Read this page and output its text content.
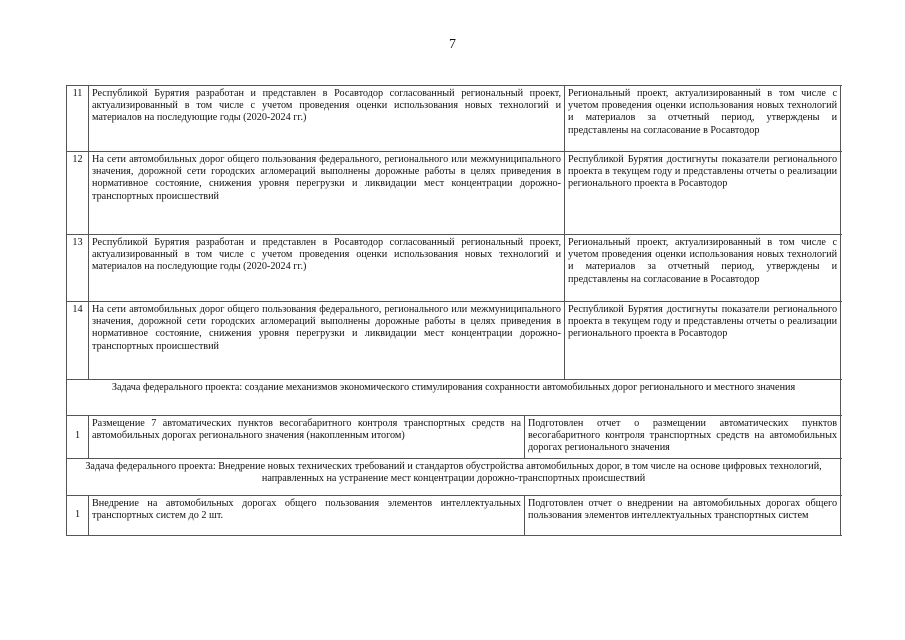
7
11	Республикой Бурятия разработан и представлен в Росавтодор согласованный региональный проект, актуализированный в том числе с учетом проведения оценки использования новых технологий и материалов на последующие годы (2020-2024 гг.)		Региональный проект, актуализированный в том числе с учетом проведения оценки использования новых технологий и материалов за отчетный период, утверждены и представлены на согласование в Росавтодор
12	На сети автомобильных дорог общего пользования федерального, регионального или межмуниципального значения, дорожной сети городских агломераций выполнены дорожные работы в целях приведения в нормативное состояние, снижения уровня перегрузки и ликвидации мест концентрации дорожно-транспортных происшествий		Республикой Бурятия достигнуты показатели регионального проекта в текущем году и представлены отчеты о реализации регионального проекта в Росавтодор
13	Республикой Бурятия разработан и представлен в Росавтодор согласованный региональный проект, актуализированный в том числе с учетом проведения оценки использования новых технологий и материалов на последующие годы (2020-2024 гг.)		Региональный проект, актуализированный в том числе с учетом проведения оценки использования новых технологий и материалов за отчетный период, утверждены и представлены на согласование в Росавтодор
14	На сети автомобильных дорог общего пользования федерального, регионального или межмуниципального значения, дорожной сети городских агломераций выполнены дорожные работы в целях приведения в нормативное состояние, снижения уровня перегрузки и ликвидации мест концентрации дорожно-транспортных происшествий		Республикой Бурятия достигнуты показатели регионального проекта в текущем году и представлены отчеты о реализации регионального проекта в Росавтодор
Задача федерального проекта: создание механизмов экономического стимулирования сохранности автомобильных дорог регионального и местного значения			
1	Размещение 7 автоматических пунктов весогабаритного контроля транспортных средств на автомобильных дорогах регионального значения (накопленным итогом)	Подготовлен отчет о размещении автоматических пунктов весогабаритного контроля транспортных средств на автомобильных дорогах регионального значения	
Задача федерального проекта: Внедрение новых технических требований и стандартов обустройства автомобильных дорог, в том числе на основе цифровых технологий, направленных на устранение мест концентрации дорожно-транспортных происшествий			
1	Внедрение на автомобильных дорогах общего пользования элементов интеллектуальных транспортных систем до 2 шт.	Подготовлен отчет о внедрении на автомобильных дорогах общего пользования элементов интеллектуальных транспортных систем	
